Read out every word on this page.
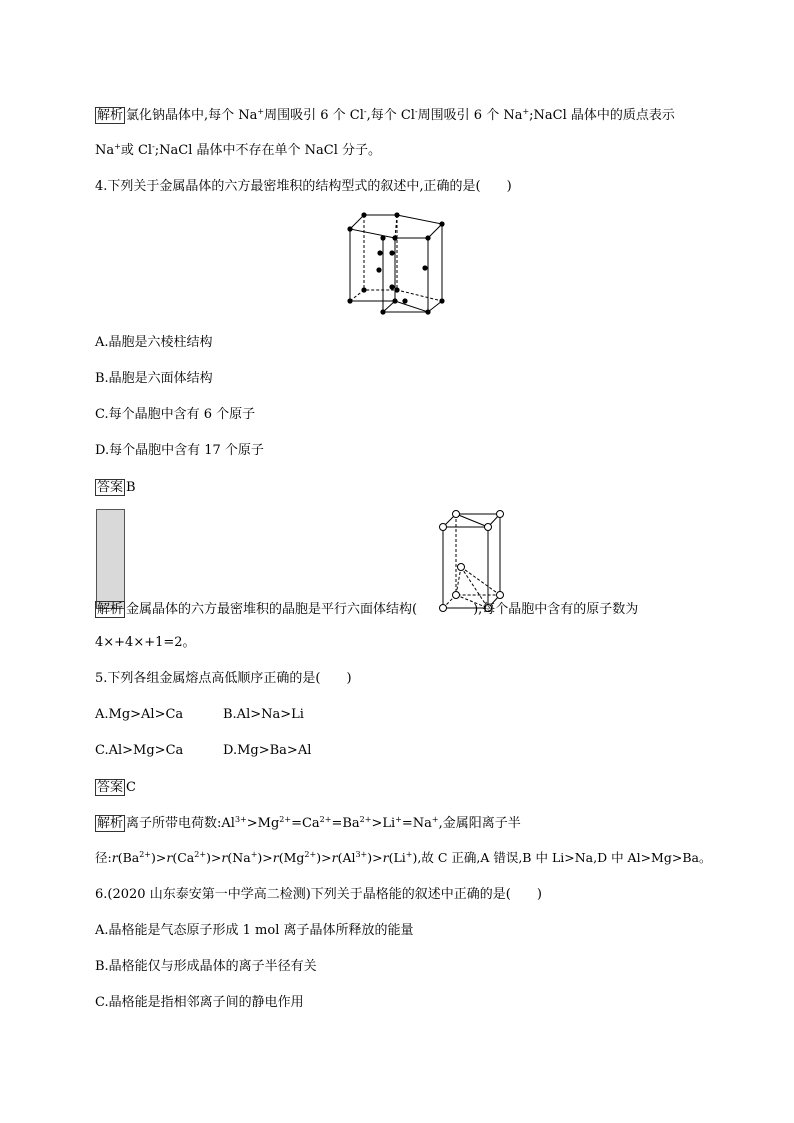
解析 氯化钠晶体中,每个 Na+周围吸引 6 个 Cl-,每个 Cl-周围吸引 6 个 Na+;NaCl 晶体中的质点表示
Na+或 Cl-;NaCl 晶体中不存在单个 NaCl 分子。
4.下列关于金属晶体的六方最密堆积的结构型式的叙述中,正确的是(　　)
A.晶胞是六棱柱结构
B.晶胞是六面体结构
C.每个晶胞中含有 6 个原子
D.每个晶胞中含有 17 个原子
答案 B
解析 金属晶体的六方最密堆积的晶胞是平行六面体结构(	),每个晶胞中含有的原子数为
4×+4×+1=2。
5.下列各组金属熔点高低顺序正确的是(　　)
A.Mg>Al>Ca	B.Al>Na>Li
C.Al>Mg>Ca	D.Mg>Ba>Al
答案 C
解析 离子所带电荷数$:Al^{3+}>Mg^{2+}=Ca^{2+}=Ba^{2+}>Li^+=Na^+$,金属阳离子半
径$:r(Ba^{2+})>r(Ca^{2+})>r(Na^+)>r(Mg^{2+})>r(Al^{3+})>r(Li^+)$,故 C 正确,A 错误,B 中 Li>Na,D 中 Al>Mg>Ba。
6.(2020 山东泰安第一中学高二检测)下列关于晶格能的叙述中正确的是(　　)
A.晶格能是气态原子形成 1 mol 离子晶体所释放的能量
B.晶格能仅与形成晶体的离子半径有关
C.晶格能是指相邻离子间的静电作用
